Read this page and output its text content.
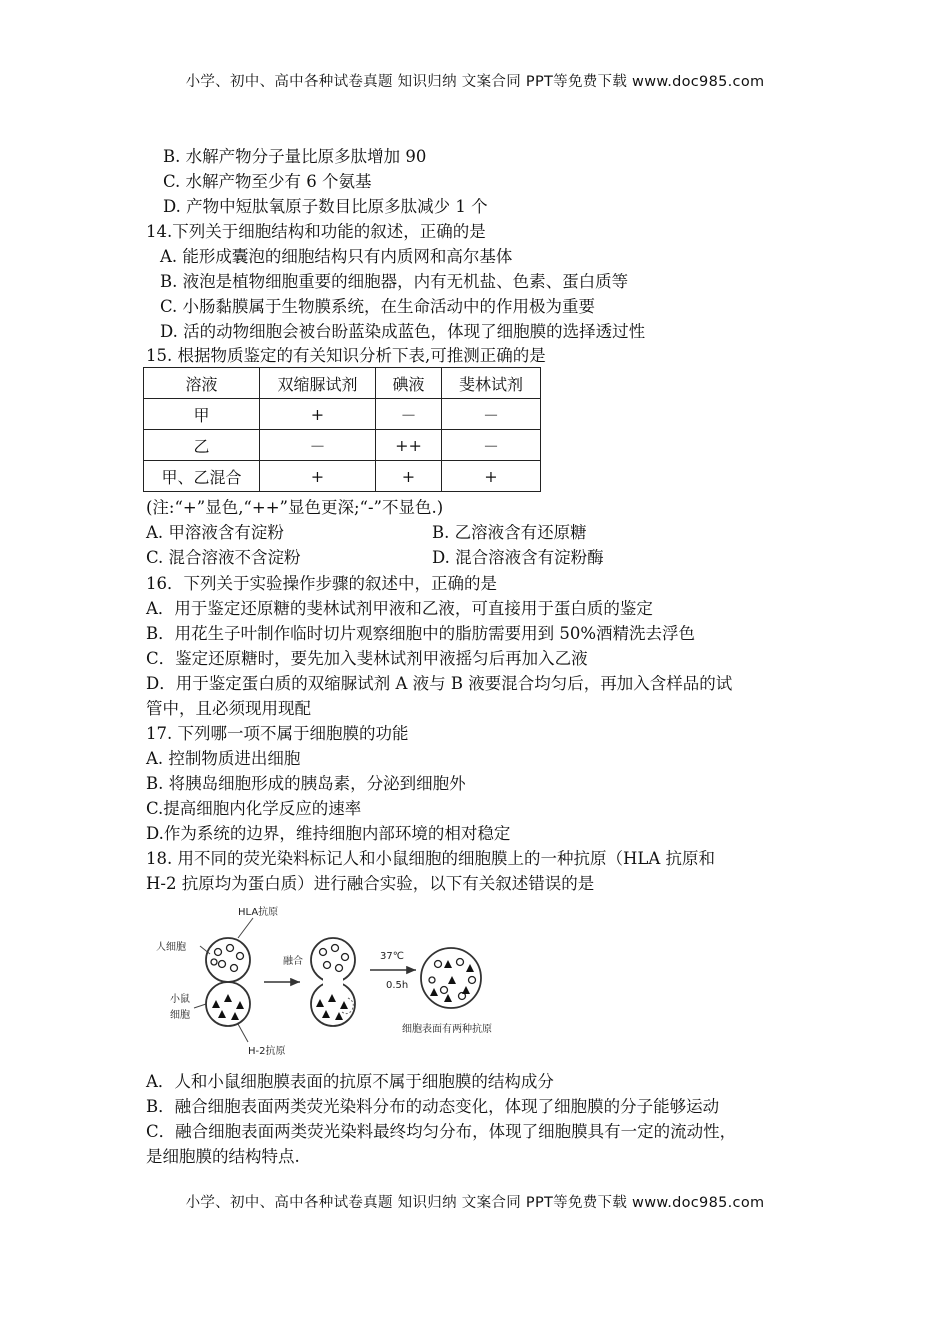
小学、初中、高中各种试卷真题 知识归纳 文案合同 PPT等免费下载 www.doc985.com
B. 水解产物分子量比原多肽增加 90
C. 水解产物至少有 6 个氨基
D. 产物中短肽氧原子数目比原多肽减少 1 个
14.下列关于细胞结构和功能的叙述，正确的是
A. 能形成囊泡的细胞结构只有内质网和高尔基体
B. 液泡是植物细胞重要的细胞器，内有无机盐、色素、蛋白质等
C. 小肠黏膜属于生物膜系统，在生命活动中的作用极为重要
D. 活的动物细胞会被台盼蓝染成蓝色，体现了细胞膜的选择透过性
15. 根据物质鉴定的有关知识分析下表,可推测正确的是
溶液	双缩脲试剂	碘液	斐林试剂
甲	+	－	－
乙	－	++	－
甲、乙混合	+	+	+
(注:“+”显色,“++”显色更深;“-”不显色.)
A. 甲溶液含有淀粉	B. 乙溶液含有还原糖
C. 混合溶液不含淀粉	D. 混合溶液含有淀粉酶
16．下列关于实验操作步骤的叙述中，正确的是
A．用于鉴定还原糖的斐林试剂甲液和乙液，可直接用于蛋白质的鉴定
B．用花生子叶制作临时切片观察细胞中的脂肪需要用到 50%酒精洗去浮色
C．鉴定还原糖时，要先加入斐林试剂甲液摇匀后再加入乙液
D．用于鉴定蛋白质的双缩脲试剂 A 液与 B 液要混合均匀后，再加入含样品的试
管中，且必须现用现配
17. 下列哪一项不属于细胞膜的功能
A. 控制物质进出细胞
B. 将胰岛细胞形成的胰岛素，分泌到细胞外
C.提高细胞内化学反应的速率
D.作为系统的边界，维持细胞内部环境的相对稳定
18. 用不同的荧光染料标记人和小鼠细胞的细胞膜上的一种抗原（HLA 抗原和
H-2 抗原均为蛋白质）进行融合实验，以下有关叙述错误的是
HLA抗原
人细胞
小鼠
细胞
H-2抗原
融合	37℃
0.5h
细胞表面有两种抗原
A．人和小鼠细胞膜表面的抗原不属于细胞膜的结构成分
B．融合细胞表面两类荧光染料分布的动态变化，体现了细胞膜的分子能够运动
C．融合细胞表面两类荧光染料最终均匀分布，体现了细胞膜具有一定的流动性，
是细胞膜的结构特点.
小学、初中、高中各种试卷真题 知识归纳 文案合同 PPT等免费下载 www.doc985.com
